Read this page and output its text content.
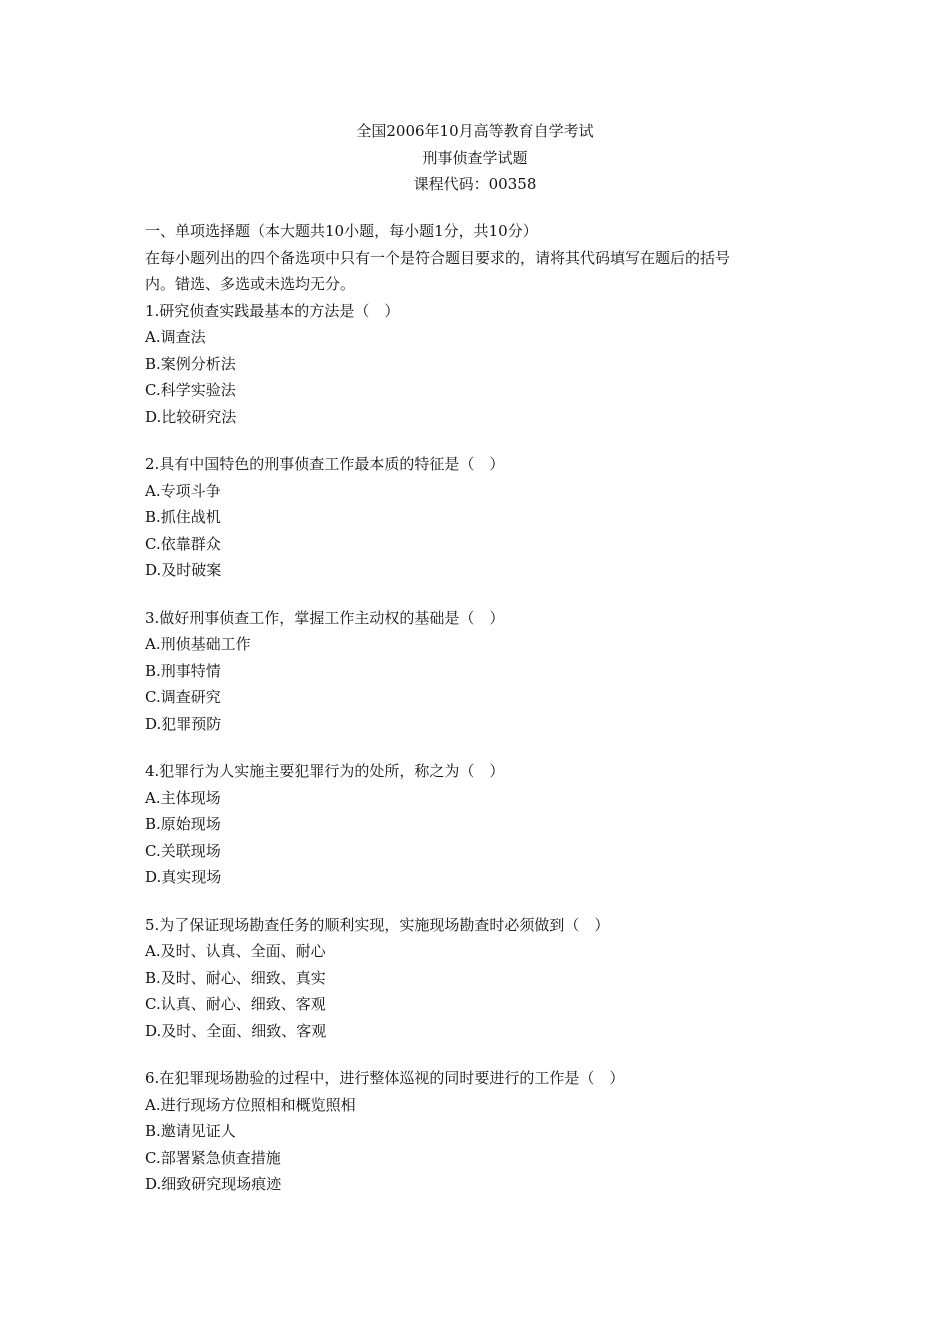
全国2006年10月高等教育自学考试
刑事侦查学试题
课程代码：00358
一、单项选择题（本大题共10小题，每小题1分，共10分）
在每小题列出的四个备选项中只有一个是符合题目要求的，请将其代码填写在题后的括号
内。错选、多选或未选均无分。
1.研究侦查实践最基本的方法是（　）
A.调查法
B.案例分析法
C.科学实验法
D.比较研究法
2.具有中国特色的刑事侦查工作最本质的特征是（　）
A.专项斗争
B.抓住战机
C.依靠群众
D.及时破案
3.做好刑事侦查工作，掌握工作主动权的基础是（　）
A.刑侦基础工作
B.刑事特情
C.调查研究
D.犯罪预防
4.犯罪行为人实施主要犯罪行为的处所，称之为（　）
A.主体现场
B.原始现场
C.关联现场
D.真实现场
5.为了保证现场勘查任务的顺利实现，实施现场勘查时必须做到（　）
A.及时、认真、全面、耐心
B.及时、耐心、细致、真实
C.认真、耐心、细致、客观
D.及时、全面、细致、客观
6.在犯罪现场勘验的过程中，进行整体巡视的同时要进行的工作是（　）
A.进行现场方位照相和概览照相
B.邀请见证人
C.部署紧急侦查措施
D.细致研究现场痕迹
